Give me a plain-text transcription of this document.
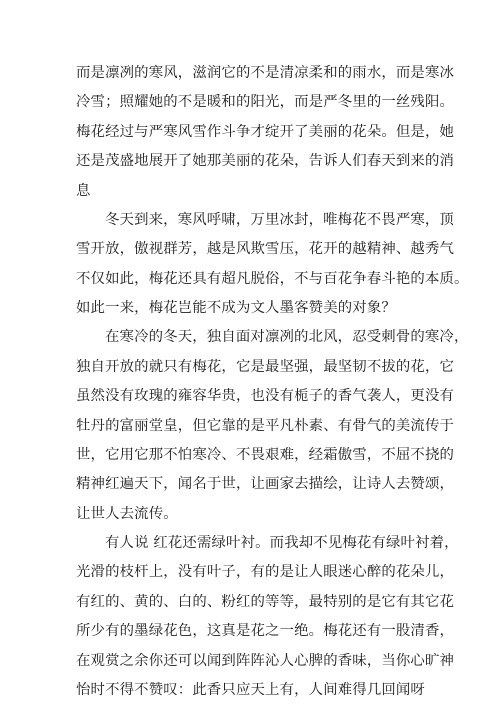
而是凛冽的寒风，滋润它的不是清凉柔和的雨水，而是寒冰
冷雪；照耀她的不是暖和的阳光，而是严冬里的一丝残阳。
梅花经过与严寒风雪作斗争才绽开了美丽的花朵。但是，她
还是茂盛地展开了她那美丽的花朵，告诉人们春天到来的消
息
冬天到来，寒风呼啸，万里冰封，唯梅花不畏严寒，顶
雪开放，傲视群芳，越是风欺雪压，花开的越精神、越秀气
不仅如此，梅花还具有超凡脱俗，不与百花争春斗艳的本质。
如此一来，梅花岂能不成为文人墨客赞美的对象？
在寒冷的冬天，独自面对凛冽的北风，忍受刺骨的寒冷，
独自开放的就只有梅花，它是最坚强，最坚韧不拔的花，它
虽然没有玫瑰的雍容华贵，也没有栀子的香气袭人，更没有
牡丹的富丽堂皇，但它靠的是平凡朴素、有骨气的美流传于
世，它用它那不怕寒冷、不畏艰难，经霜傲雪，不屈不挠的
精神红遍天下，闻名于世，让画家去描绘，让诗人去赞颂，
让世人去流传。
有人说 红花还需绿叶衬。而我却不见梅花有绿叶衬着，
光滑的枝杆上，没有叶子，有的是让人眼迷心醉的花朵儿，
有红的、黄的、白的、粉红的等等，最特别的是它有其它花
所少有的墨绿花色，这真是花之一绝。梅花还有一股清香，
在观赏之余你还可以闻到阵阵沁人心脾的香味，当你心旷神
怡时不得不赞叹：此香只应天上有，人间难得几回闻呀
